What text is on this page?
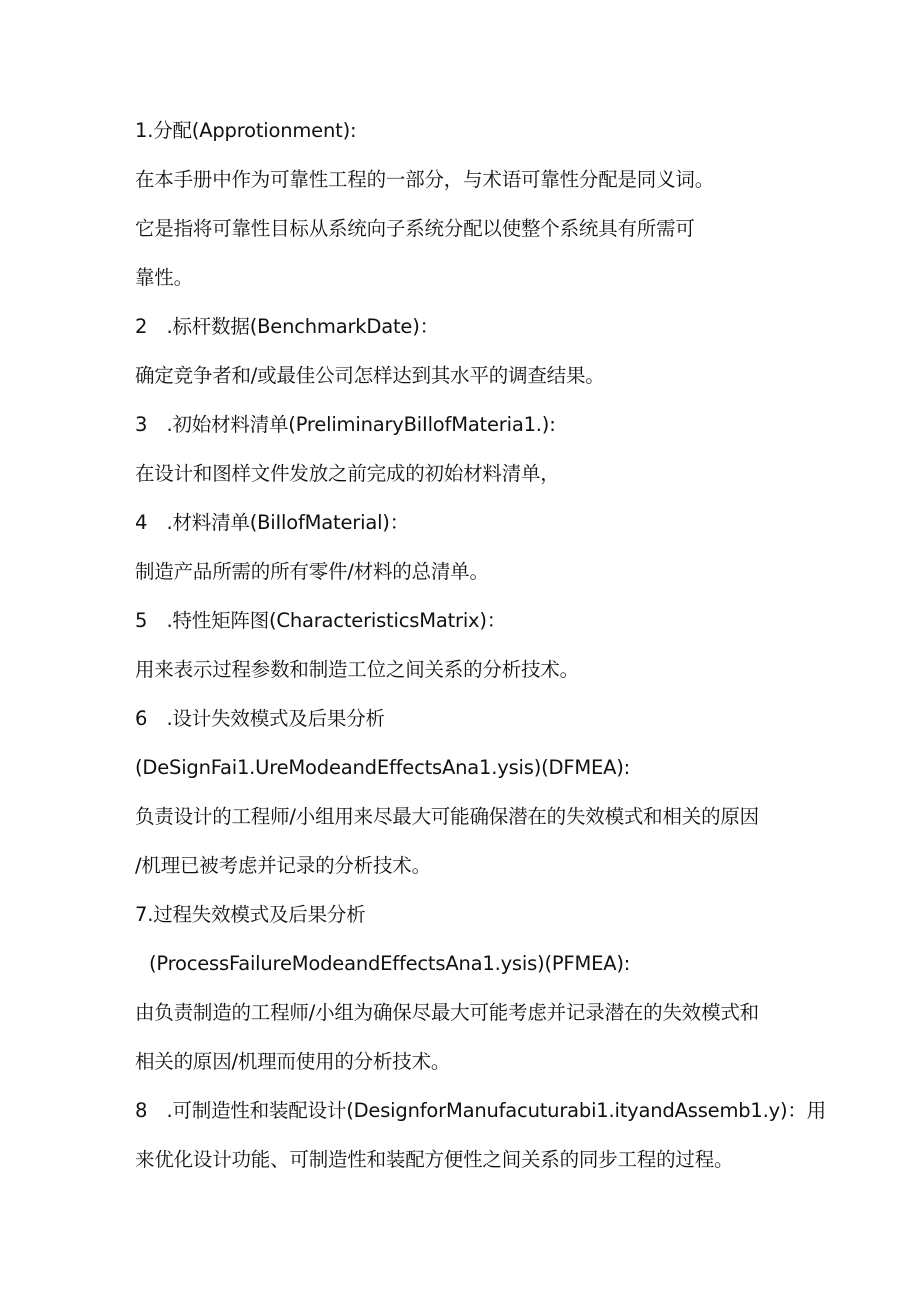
1.分配(Approtionment):
在本手册中作为可靠性工程的一部分，与术语可靠性分配是同义词。
它是指将可靠性目标从系统向子系统分配以使整个系统具有所需可
靠性。
2　.标杆数据(BenchmarkDate)：
确定竞争者和/或最佳公司怎样达到其水平的调查结果。
3　.初始材料清单(PreliminaryBiIlofMateria1.):
在设计和图样文件发放之前完成的初始材料清单，
4　.材料清单(BiIlofMaterial)：
制造产品所需的所有零件/材料的总清单。
5　.特性矩阵图(CharacteristicsMatrix)：
用来表示过程参数和制造工位之间关系的分析技术。
6　.设计失效模式及后果分析
(DeSignFai1.UreModeandEffectsAna1.ysis)(DFMEA):
负责设计的工程师/小组用来尽最大可能确保潜在的失效模式和相关的原因
/机理已被考虑并记录的分析技术。
7.过程失效模式及后果分析
(ProcessFailureModeandEffectsAna1.ysis)(PFMEA):
由负责制造的工程师/小组为确保尽最大可能考虑并记录潜在的失效模式和
相关的原因/机理而使用的分析技术。
8　.可制造性和装配设计(DesignforManufacuturabi1.ityandAssemb1.y)：用
来优化设计功能、可制造性和装配方便性之间关系的同步工程的过程。
